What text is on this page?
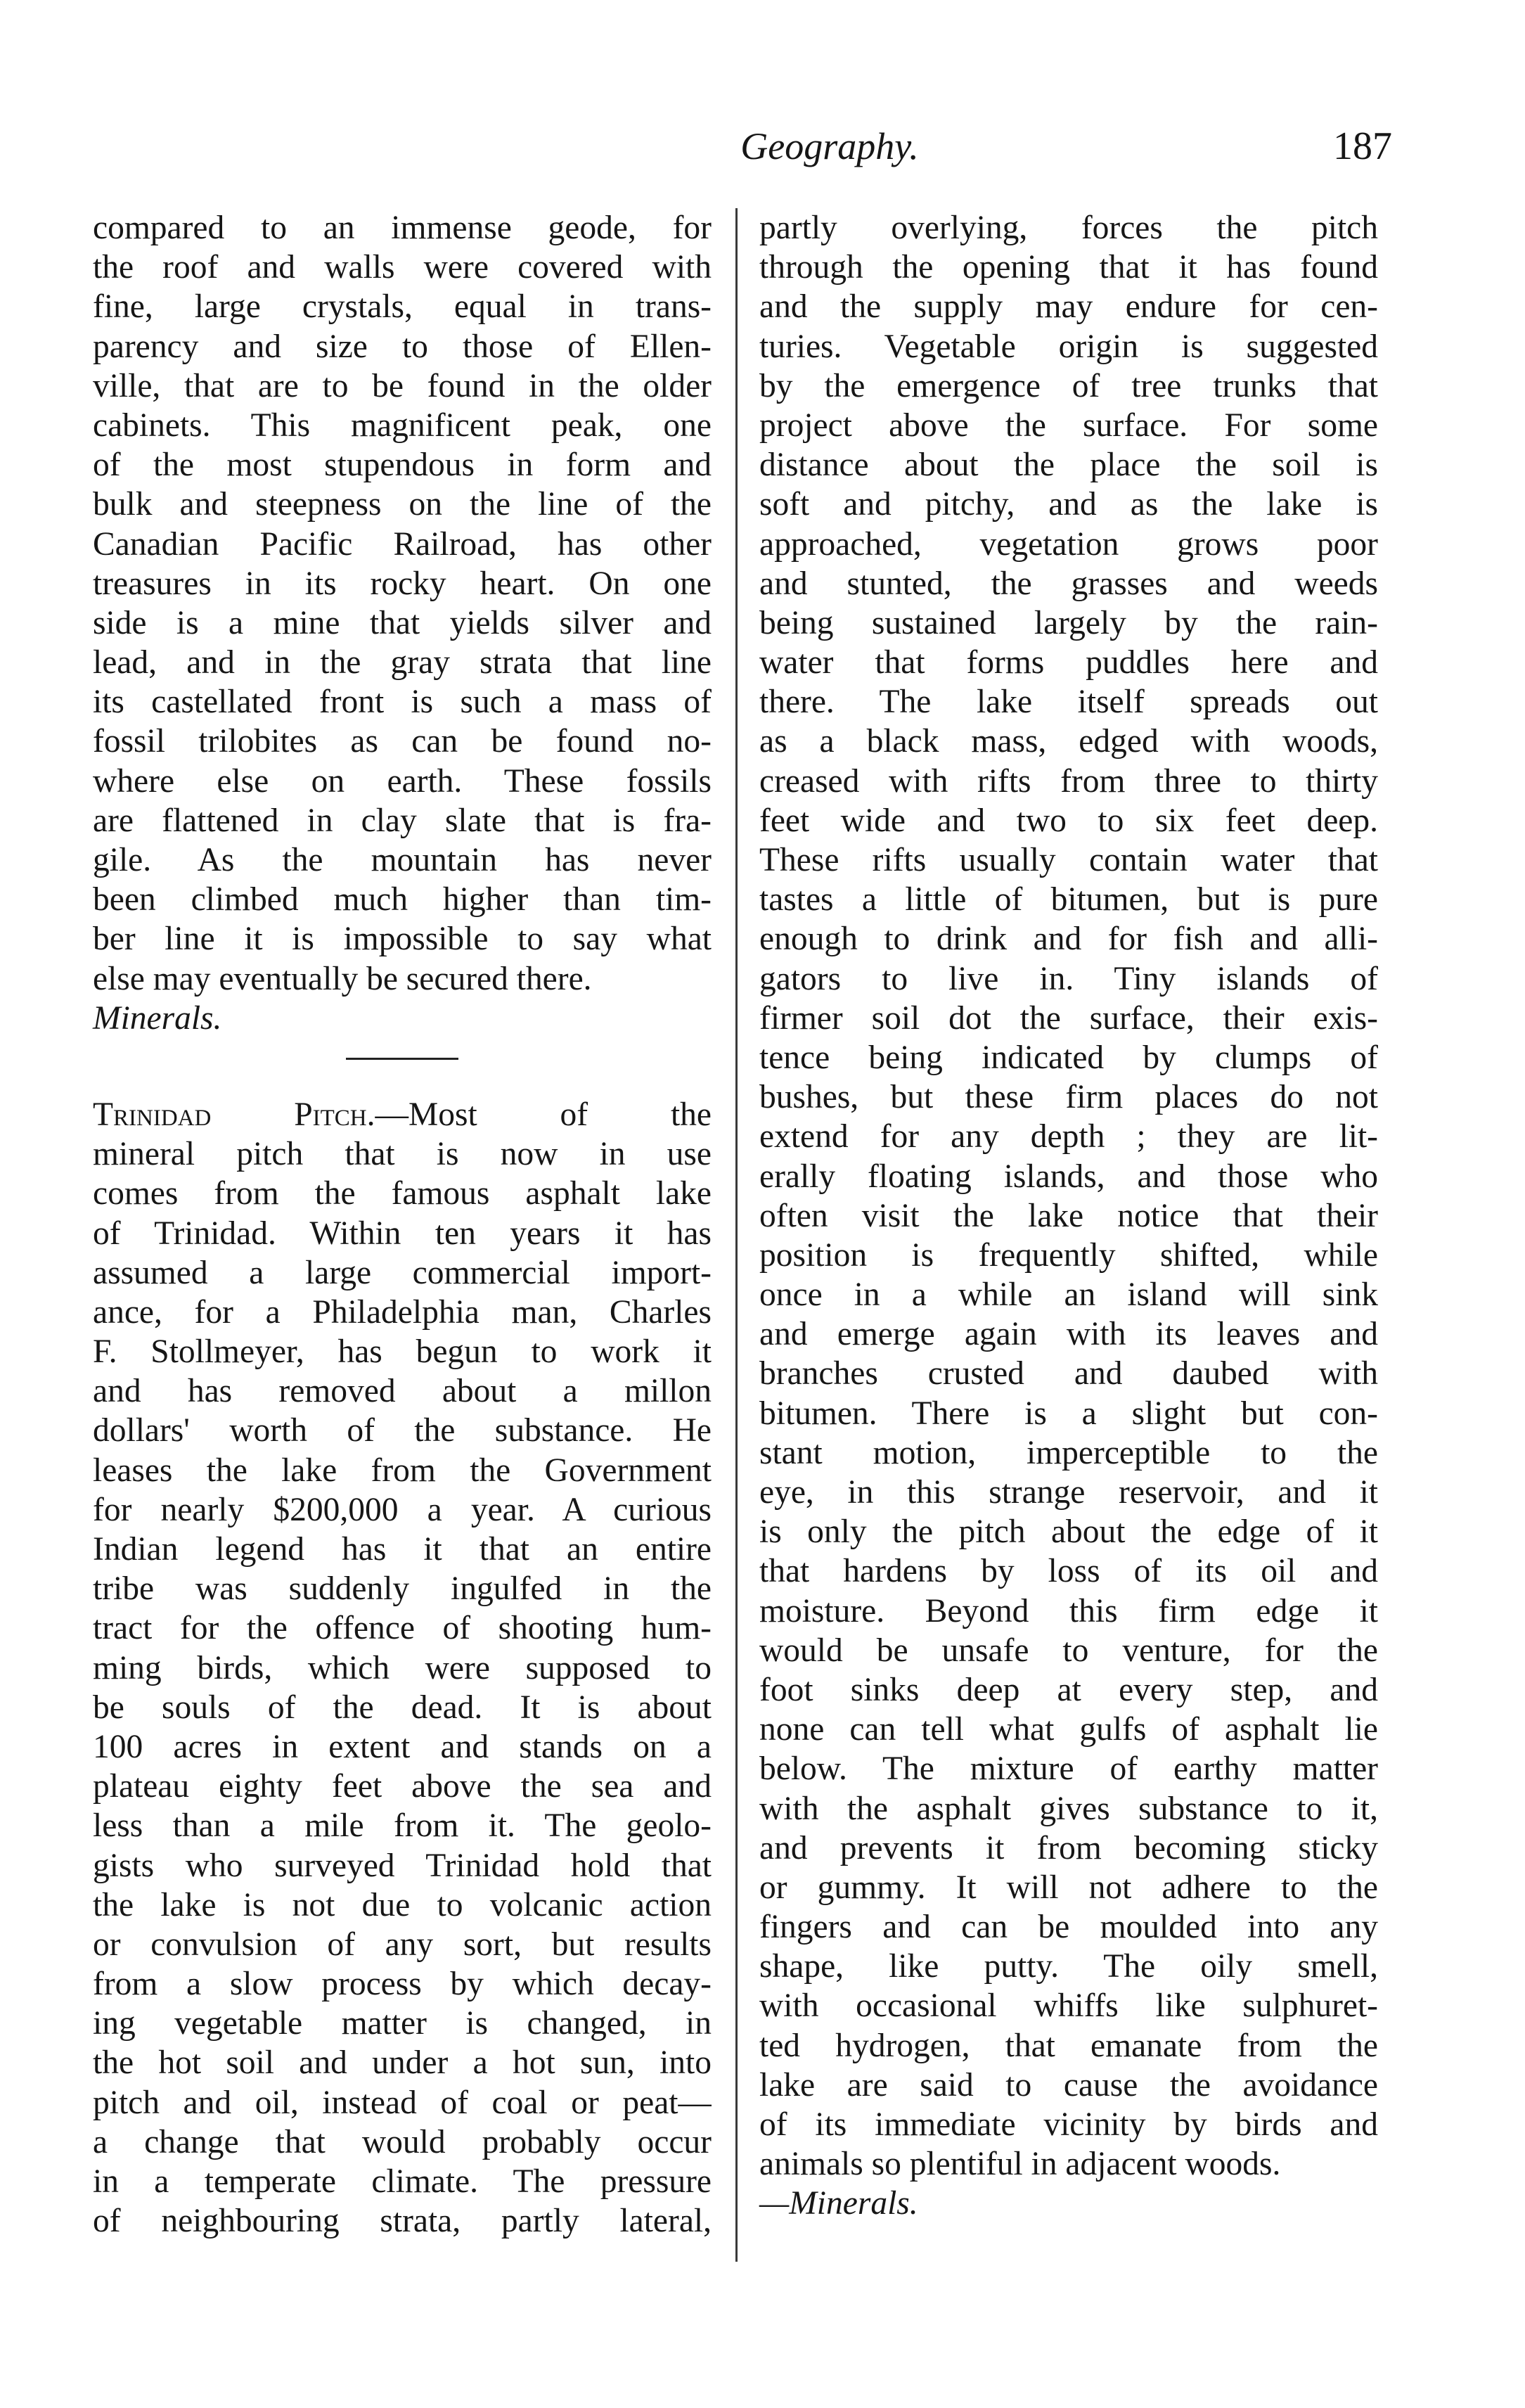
Geography.	187

compared to an immense geode, for
the roof and walls were covered with
fine, large crystals, equal in trans-
parency and size to those of Ellen-
ville, that are to be found in the older
cabinets. This magnificent peak, one
of the most stupendous in form and
bulk and steepness on the line of the
Canadian Pacific Railroad, has other
treasures in its rocky heart. On one
side is a mine that yields silver and
lead, and in the gray strata that line
its castellated front is such a mass of
fossil trilobites as can be found no-
where else on earth. These fossils
are flattened in clay slate that is fra-
gile. As the mountain has never
been climbed much higher than tim-
ber line it is impossible to say what
else may eventually be secured there.

Minerals.

Trinidad Pitch.—Most of the
mineral pitch that is now in use
comes from the famous asphalt lake
of Trinidad. Within ten years it has
assumed a large commercial import-
ance, for a Philadelphia man, Charles
F. Stollmeyer, has begun to work it
and has removed about a millon
dollars' worth of the substance. He
leases the lake from the Government
for nearly $200,000 a year. A curious
Indian legend has it that an entire
tribe was suddenly ingulfed in the
tract for the offence of shooting hum-
ming birds, which were supposed to
be souls of the dead. It is about
100 acres in extent and stands on a
plateau eighty feet above the sea and
less than a mile from it. The geolo-
gists who surveyed Trinidad hold that
the lake is not due to volcanic action
or convulsion of any sort, but results
from a slow process by which decay-
ing vegetable matter is changed, in
the hot soil and under a hot sun, into
pitch and oil, instead of coal or peat—
a change that would probably occur
in a temperate climate. The pressure
of neighbouring strata, partly lateral,

partly overlying, forces the pitch
through the opening that it has found
and the supply may endure for cen-
turies. Vegetable origin is suggested
by the emergence of tree trunks that
project above the surface. For some
distance about the place the soil is
soft and pitchy, and as the lake is
approached, vegetation grows poor
and stunted, the grasses and weeds
being sustained largely by the rain-
water that forms puddles here and
there. The lake itself spreads out
as a black mass, edged with woods,
creased with rifts from three to thirty
feet wide and two to six feet deep.
These rifts usually contain water that
tastes a little of bitumen, but is pure
enough to drink and for fish and alli-
gators to live in. Tiny islands of
firmer soil dot the surface, their exis-
tence being indicated by clumps of
bushes, but these firm places do not
extend for any depth ; they are lit-
erally floating islands, and those who
often visit the lake notice that their
position is frequently shifted, while
once in a while an island will sink
and emerge again with its leaves and
branches crusted and daubed with
bitumen. There is a slight but con-
stant motion, imperceptible to the
eye, in this strange reservoir, and it
is only the pitch about the edge of it
that hardens by loss of its oil and
moisture. Beyond this firm edge it
would be unsafe to venture, for the
foot sinks deep at every step, and
none can tell what gulfs of asphalt lie
below. The mixture of earthy matter
with the asphalt gives substance to it,
and prevents it from becoming sticky
or gummy. It will not adhere to the
fingers and can be moulded into any
shape, like putty. The oily smell,
with occasional whiffs like sulphuret-
ted hydrogen, that emanate from the
lake are said to cause the avoidance
of its immediate vicinity by birds and
animals so plentiful in adjacent woods.

—Minerals.
